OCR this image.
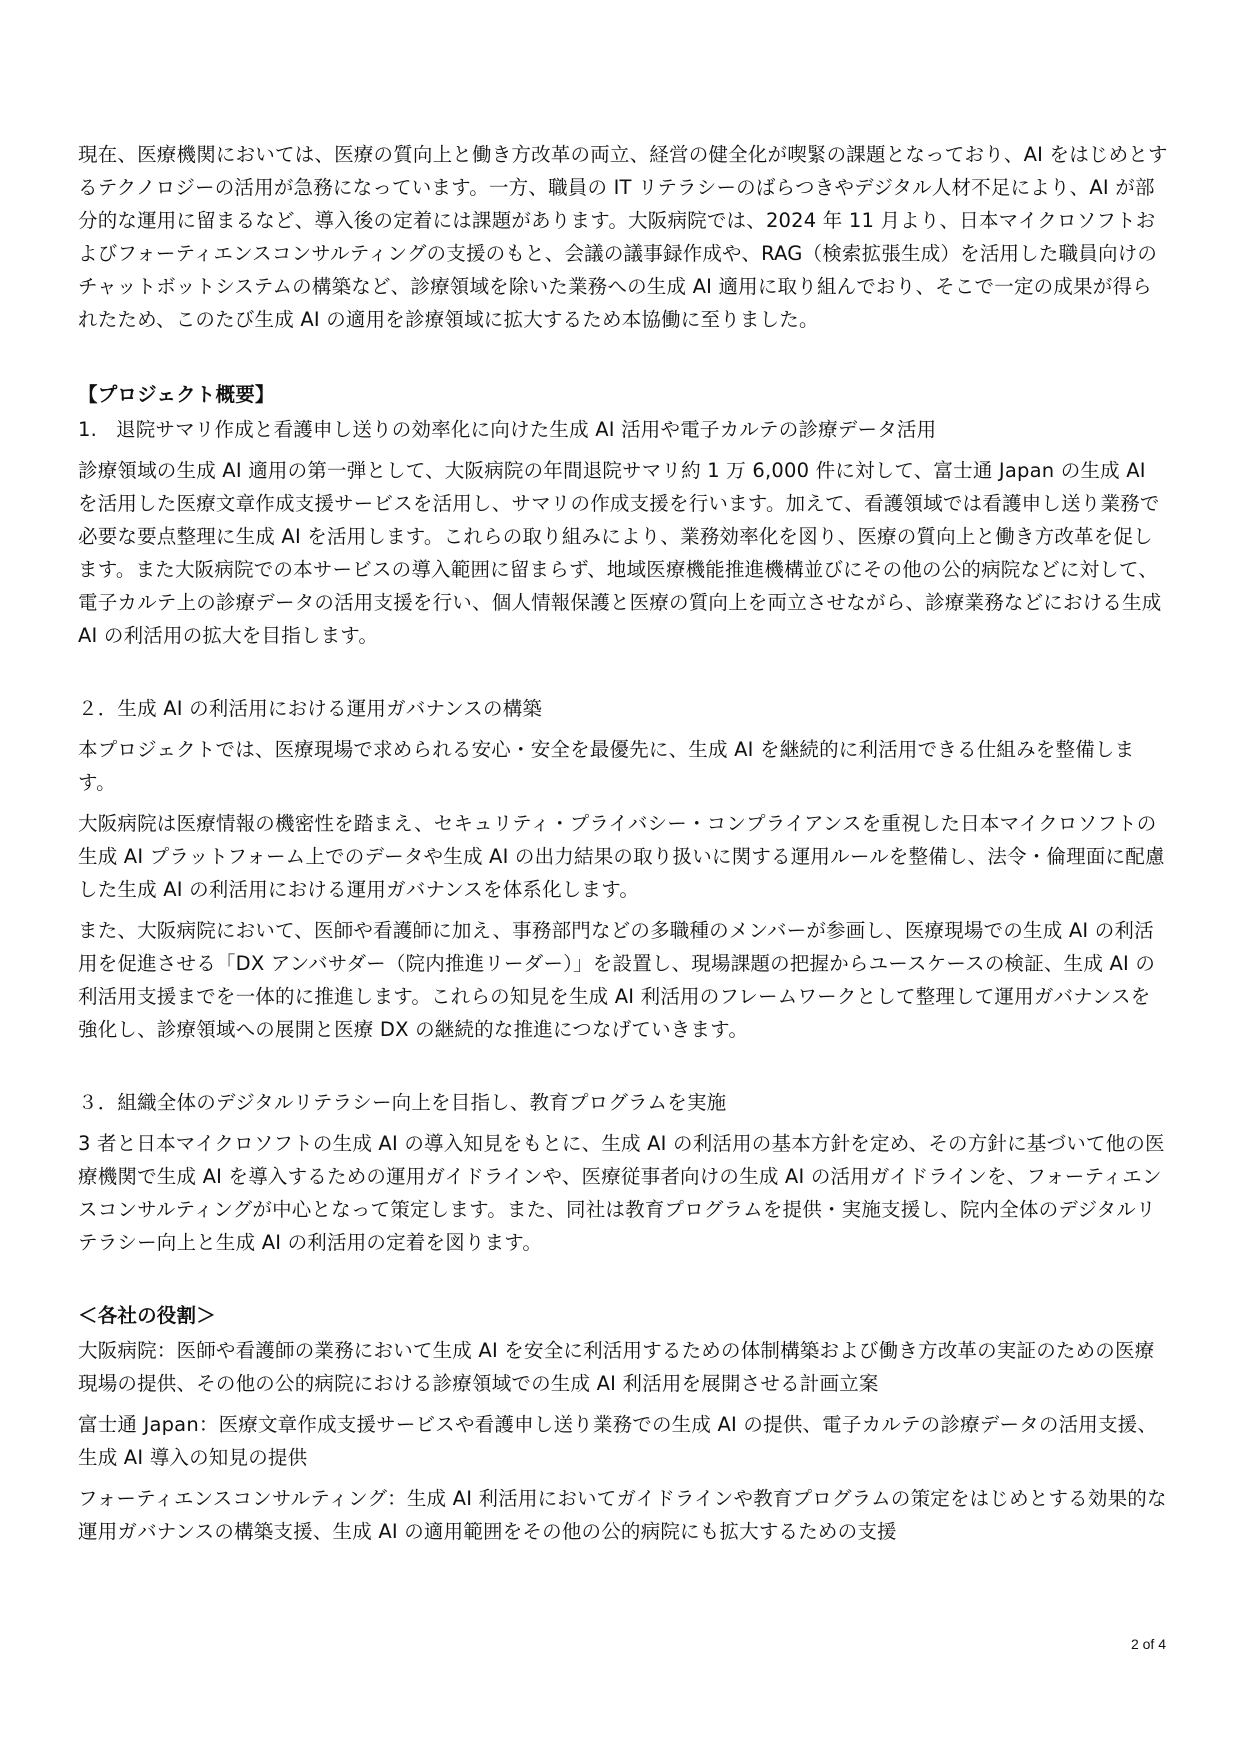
現在、医療機関においては、医療の質向上と働き方改革の両立、経営の健全化が喫緊の課題となっており、AI をはじめとするテクノロジーの活用が急務になっています。一方、職員の IT リテラシーのばらつきやデジタル人材不足により、AI が部分的な運用に留まるなど、導入後の定着には課題があります。大阪病院では、2024 年 11 月より、日本マイクロソフトおよびフォーティエンスコンサルティングの支援のもと、会議の議事録作成や、RAG（検索拡張生成）を活用した職員向けのチャットボットシステムの構築など、診療領域を除いた業務への生成 AI 適用に取り組んでおり、そこで一定の成果が得られたため、このたび生成 AI の適用を診療領域に拡大するため本協働に至りました。

【プロジェクト概要】

1. 退院サマリ作成と看護申し送りの効率化に向けた生成 AI 活用や電子カルテの診療データ活用

診療領域の生成 AI 適用の第一弾として、大阪病院の年間退院サマリ約 1 万 6,000 件に対して、富士通 Japan の生成 AI を活用した医療文章作成支援サービスを活用し、サマリの作成支援を行います。加えて、看護領域では看護申し送り業務で必要な要点整理に生成 AI を活用します。これらの取り組みにより、業務効率化を図り、医療の質向上と働き方改革を促します。また大阪病院での本サービスの導入範囲に留まらず、地域医療機能推進機構並びにその他の公的病院などに対して、電子カルテ上の診療データの活用支援を行い、個人情報保護と医療の質向上を両立させながら、診療業務などにおける生成 AI の利活用の拡大を目指します。

２．生成 AI の利活用における運用ガバナンスの構築

本プロジェクトでは、医療現場で求められる安心・安全を最優先に、生成 AI を継続的に利活用できる仕組みを整備します。

大阪病院は医療情報の機密性を踏まえ、セキュリティ・プライバシー・コンプライアンスを重視した日本マイクロソフトの生成 AI プラットフォーム上でのデータや生成 AI の出力結果の取り扱いに関する運用ルールを整備し、法令・倫理面に配慮した生成 AI の利活用における運用ガバナンスを体系化します。

また、大阪病院において、医師や看護師に加え、事務部門などの多職種のメンバーが参画し、医療現場での生成 AI の利活用を促進させる「DX アンバサダー（院内推進リーダー）」を設置し、現場課題の把握からユースケースの検証、生成 AI の利活用支援までを一体的に推進します。これらの知見を生成 AI 利活用のフレームワークとして整理して運用ガバナンスを強化し、診療領域への展開と医療 DX の継続的な推進につなげていきます。

３．組織全体のデジタルリテラシー向上を目指し、教育プログラムを実施

3 者と日本マイクロソフトの生成 AI の導入知見をもとに、生成 AI の利活用の基本方針を定め、その方針に基づいて他の医療機関で生成 AI を導入するための運用ガイドラインや、医療従事者向けの生成 AI の活用ガイドラインを、フォーティエンスコンサルティングが中心となって策定します。また、同社は教育プログラムを提供・実施支援し、院内全体のデジタルリテラシー向上と生成 AI の利活用の定着を図ります。

＜各社の役割＞

大阪病院：医師や看護師の業務において生成 AI を安全に利活用するための体制構築および働き方改革の実証のための医療現場の提供、その他の公的病院における診療領域での生成 AI 利活用を展開させる計画立案

富士通 Japan：医療文章作成支援サービスや看護申し送り業務での生成 AI の提供、電子カルテの診療データの活用支援、生成 AI 導入の知見の提供

フォーティエンスコンサルティング：生成 AI 利活用においてガイドラインや教育プログラムの策定をはじめとする効果的な運用ガバナンスの構築支援、生成 AI の適用範囲をその他の公的病院にも拡大するための支援

2 of 4
